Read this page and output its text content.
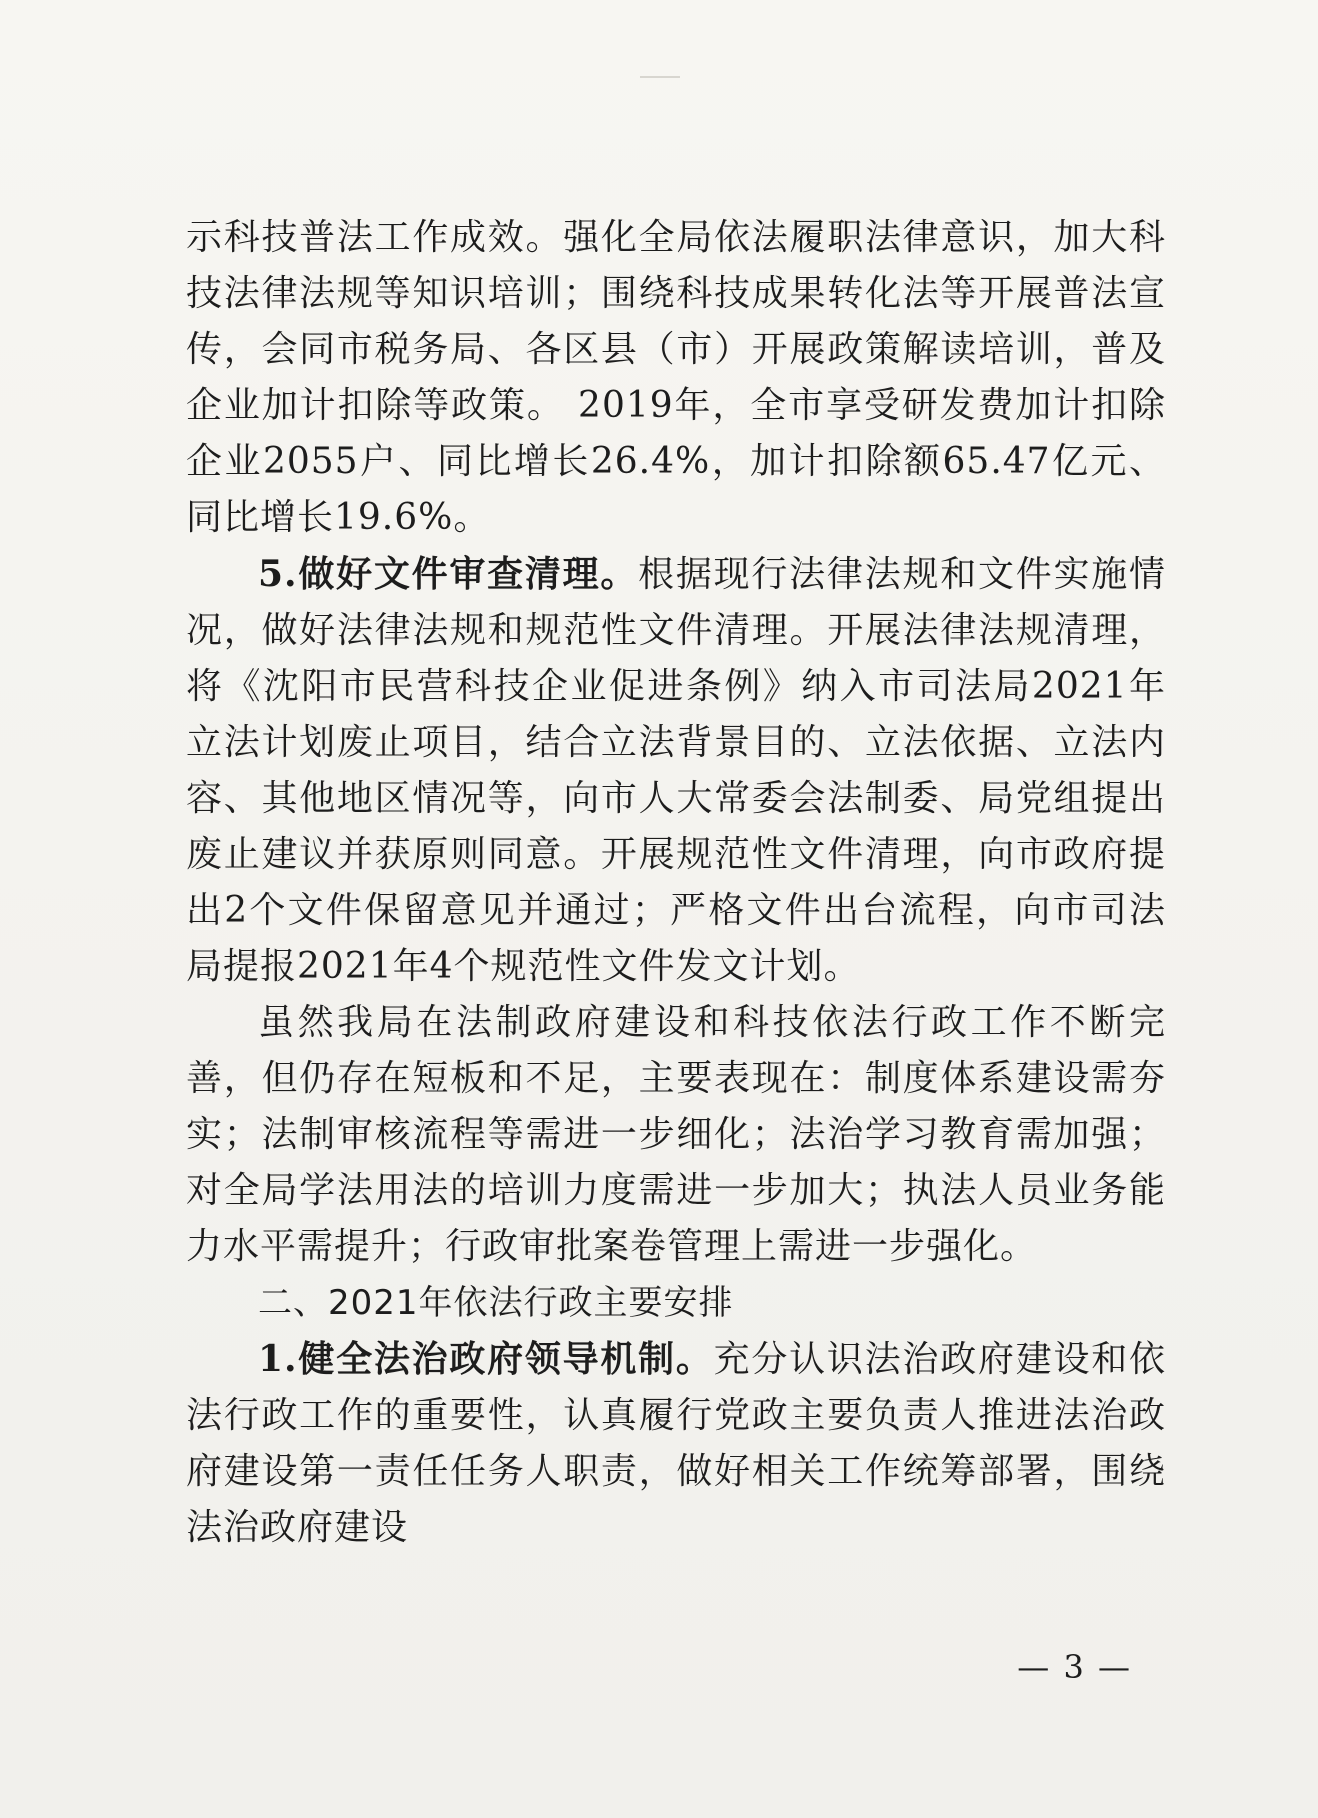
示科技普法工作成效。强化全局依法履职法律意识，加大科技法律法规等知识培训；围绕科技成果转化法等开展普法宣传，会同市税务局、各区县（市）开展政策解读培训，普及企业加计扣除等政策。 2019年，全市享受研发费加计扣除企业2055户、同比增长26.4%，加计扣除额65.47亿元、同比增长19.6%。

5.做好文件审查清理。根据现行法律法规和文件实施情况，做好法律法规和规范性文件清理。开展法律法规清理，将《沈阳市民营科技企业促进条例》纳入市司法局2021年立法计划废止项目，结合立法背景目的、立法依据、立法内容、其他地区情况等，向市人大常委会法制委、局党组提出废止建议并获原则同意。开展规范性文件清理，向市政府提出2个文件保留意见并通过；严格文件出台流程，向市司法局提报2021年4个规范性文件发文计划。

虽然我局在法制政府建设和科技依法行政工作不断完善，但仍存在短板和不足，主要表现在：制度体系建设需夯实；法制审核流程等需进一步细化；法治学习教育需加强；对全局学法用法的培训力度需进一步加大；执法人员业务能力水平需提升；行政审批案卷管理上需进一步强化。

二、2021年依法行政主要安排

1.健全法治政府领导机制。充分认识法治政府建设和依法行政工作的重要性，认真履行党政主要负责人推进法治政府建设第一责任任务人职责，做好相关工作统筹部署，围绕法治政府建设

— 3 —
